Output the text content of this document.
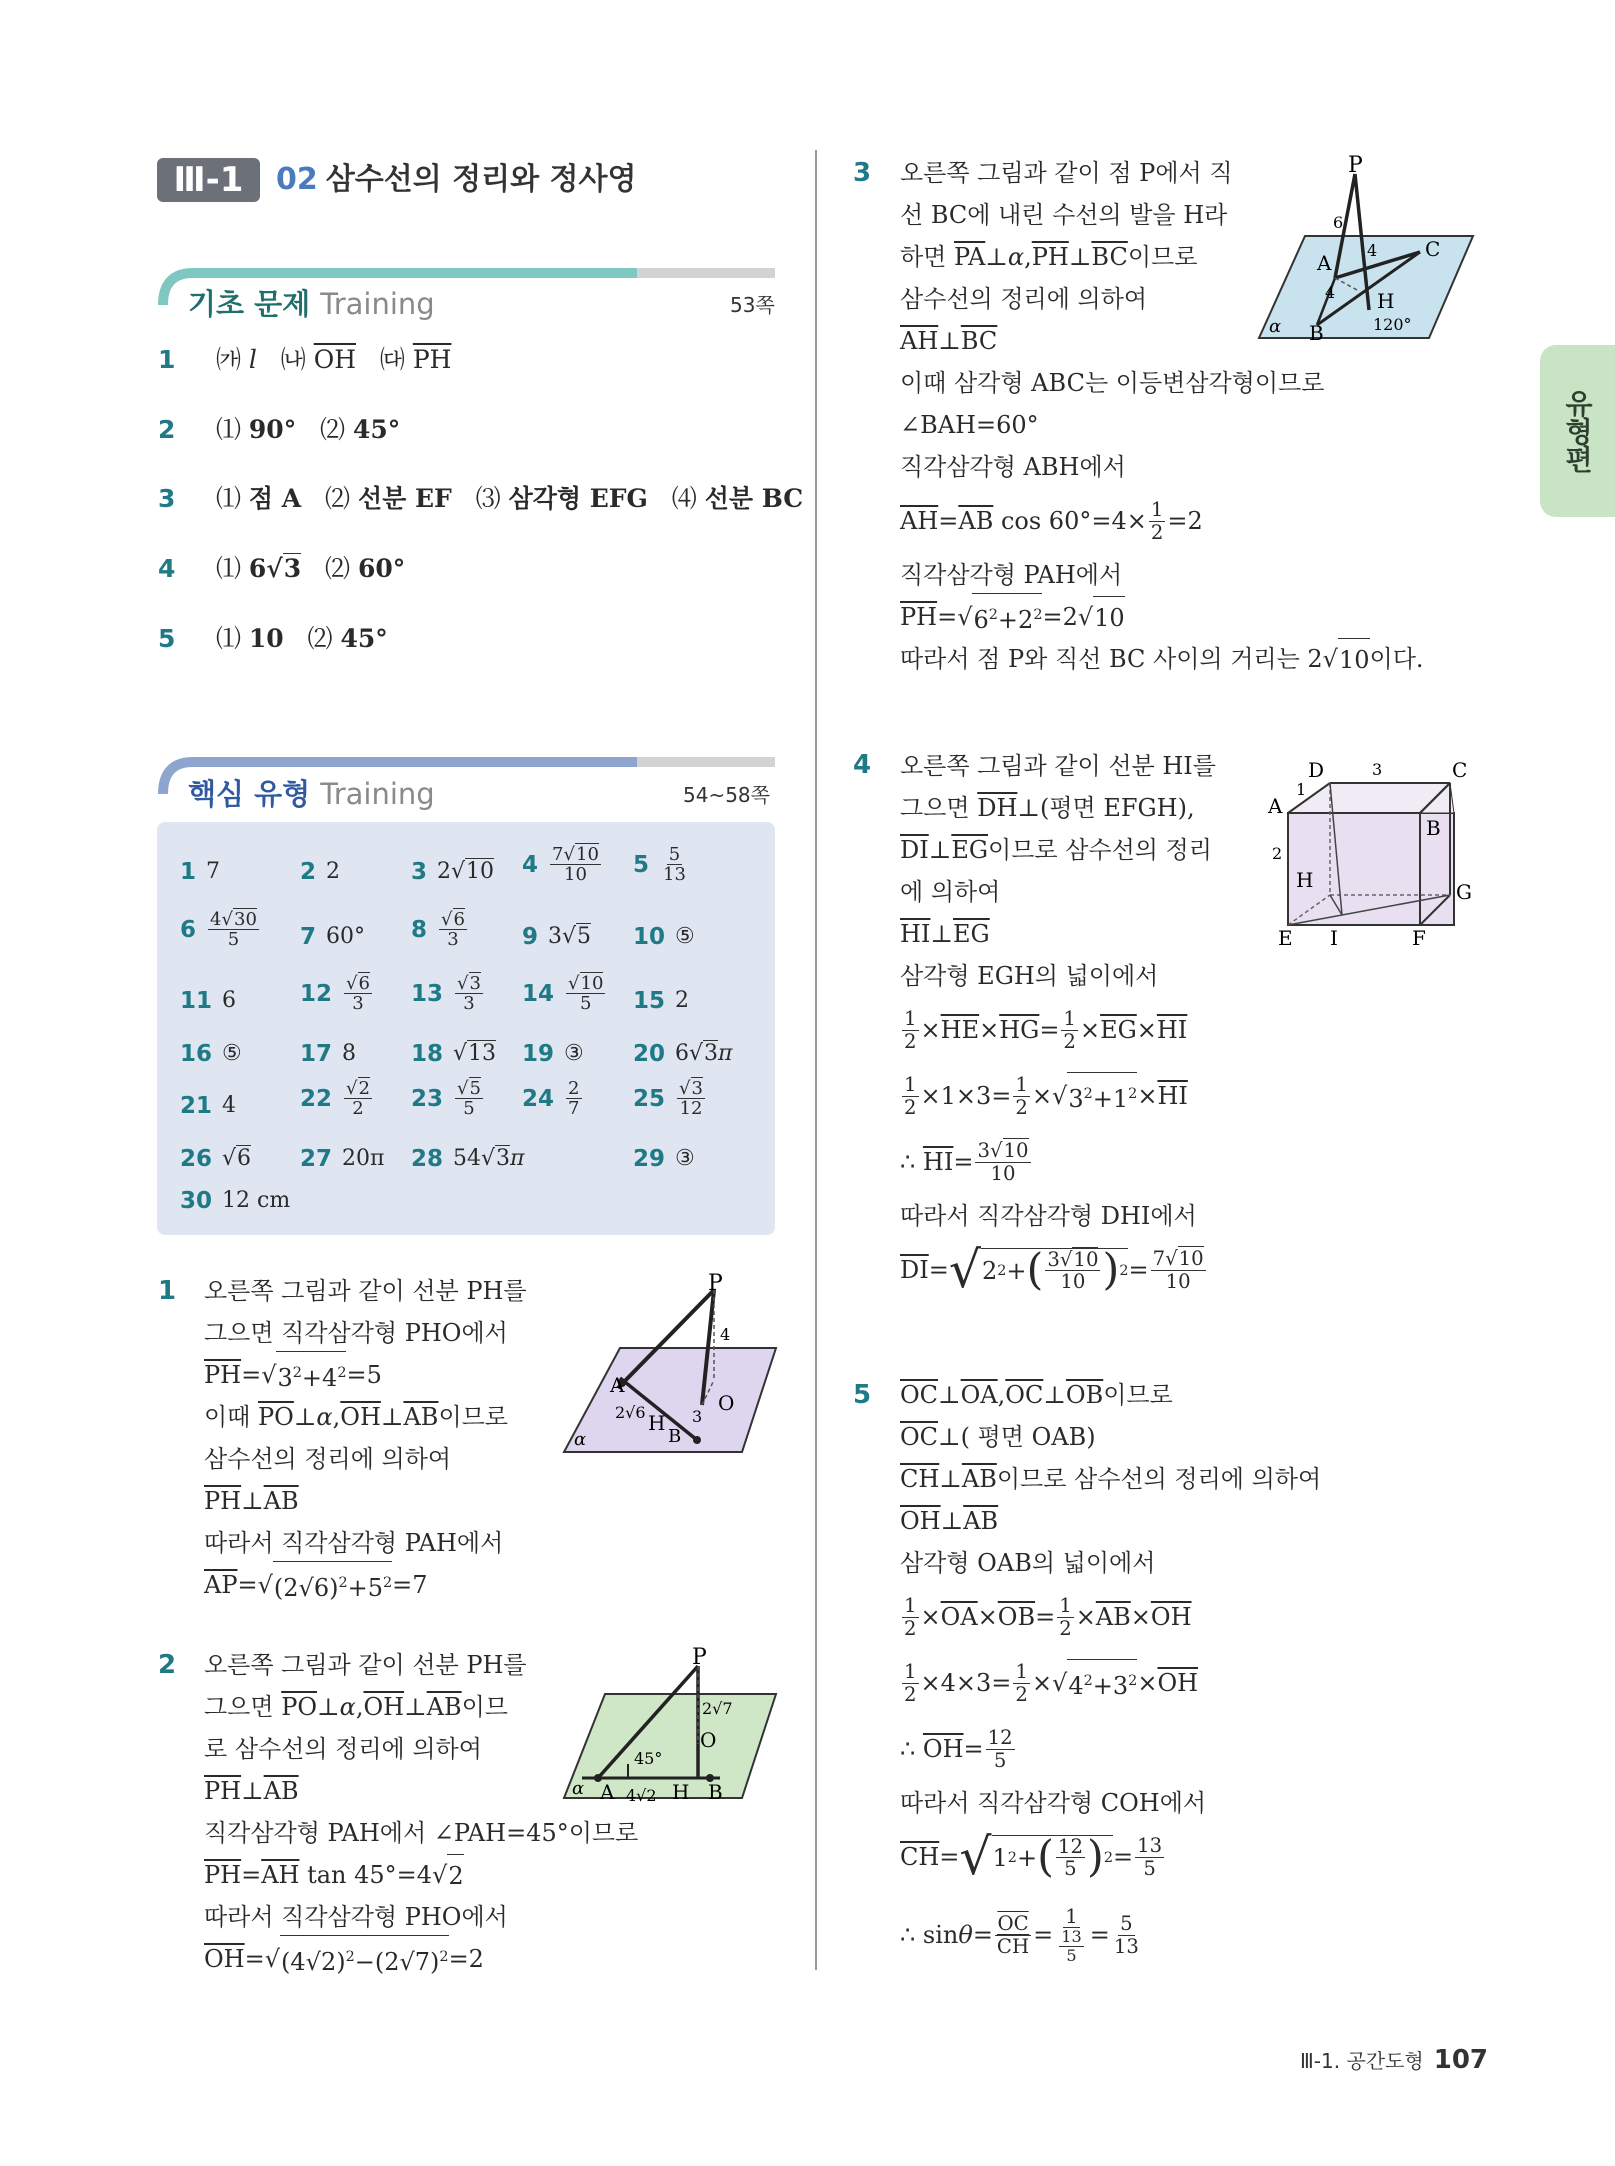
Ⅲ-1	02 삼수선의 정리와 정사영
유형편
기초 문제 Training	53쪽
1 ㈎ l   ㈏ $\overline{OH}$   ㈐ $\overline{PH}$
2 ⑴ 90°   ⑵ 45°
3 ⑴ 점 A   ⑵ 선분 EF   ⑶ 삼각형 EFG   ⑷ 선분 BC
4 ⑴ 6√3   ⑵ 60°
5 ⑴ 10   ⑵ 45°
핵심 유형 Training	54~58쪽
1 7	2 2	3 2√10 $4 \frac{7√10}{10} 5 \frac{5}{13}$
$6 \frac{4√30}{5} 7$ 60° $8 \frac{√6}{3} 9$ 3√5 10 ⑤
11 6	$12 \frac{√6}{3} 13 \frac{√3}{3} 14 \frac{√10}{5} 15$ 2
16 ⑤	17 8 18 √13 19 ③ 20 6√3π
21 4	$22 \frac{√2}{2} 23 \frac{√5}{5} 24 \frac{2}{7} 25 \frac{√3}{12}$
26 √6 27 20π 28 54√3π	29 ③
30 12 cm
1 오른쪽 그림과 같이 선분 PH를
그으면 직각삼각형 PHO에서
$\overline{PH}$ =√ $3^2+4^2 =5$
이때
$\overline{PO}$ ⊥ α , $\overline{OH}$ ⊥ $\overline{AB}$ 이므로
삼수선의 정리에 의하여
$\overline{PH}$ ⊥ $\overline{AB}$
따라서 직각삼각형 PAH에서
$\overline{AP}$ =√ $(2√6)^2+5^2 =7$
P
4
A
2√6	3
O
H
B
α
2 오른쪽 그림과 같이 선분 PH를
그으면
$\overline{PO}$ ⊥ α , $\overline{OH}$ ⊥ $\overline{AB}$ 이므
로 삼수선의 정리에 의하여
$\overline{PH}$ ⊥ $\overline{AB}$
직각삼각형 PAH에서 ∠PAH=45°이므로
$\overline{PH} = \overline{AH}$ tan 45°=4√ 2
따라서 직각삼각형 PHO에서
$\overline{OH}$ =√ $(4√2)^2-(2√7)^2 =2$
P
2√7
O
45°
A 4√2 H B
α
3 오른쪽 그림과 같이 점 P에서 직
선 BC에 내린 수선의 발을 H라
하면
$\overline{PA}$ ⊥ α , $\overline{PH}$ ⊥ $\overline{BC}$ 이므로
삼수선의 정리에 의하여
$\overline{AH}$ ⊥ $\overline{BC}$
이때 삼각형 ABC는 이등변삼각형이므로
∠BAH=60°
직각삼각형 ABH에서
$\overline{AH} = \overline{AB}$ $\cos 60^\circ=4\times \frac{1}{2} =2$
직각삼각형 PAH에서
$\overline{PH}$ =√ $6^2+2^2 =2√$ 10
따라서 점 P와 직선 BC 사이의 거리는 2√ 10 이다.
P
6
A
4 C
4 H
120°
B
α
4 오른쪽 그림과 같이 선분 HI를
그으면
$\overline{DH}$ ⊥ (평면 EFGH),
$\overline{DI}$ ⊥ $\overline{EG}$ 이므로 삼수선의 정리
에 의하여
$\overline{HI}$ ⊥ $\overline{EG}$
삼각형 EGH의 넓이에서
$\frac{1}{2} \times \overline{HE} \times \overline{HG} = \frac{1}{2} \times \overline{EG} \times \overline{HI}$
$\frac{1}{2} \times 1\times 3= \frac{1}{2}$ ×√ $3^2+1^2 \times \overline{HI}$
∴ $\overline{HI} = \frac{3√10}{10}$
따라서 직각삼각형 DHI에서
$\overline{DI}$ = √ 2 2 + ( $\frac{3√10}{10}$ ) $2 = \frac{7√10}{10}$
D	3	C
A
1
B
2
H	G
E I	F
5 $\overline{OC}$ ⊥ $\overline{OA}$ , $\overline{OC}$ ⊥ $\overline{OB}$ 이므로
$\overline{OC}$ ⊥ ( 평면 OAB)
$\overline{CH}$ ⊥ $\overline{AB}$ 이므로 삼수선의 정리에 의하여
$\overline{OH}$ ⊥ $\overline{AB}$
삼각형 OAB의 넓이에서
$\frac{1}{2} \times \overline{OA} \times \overline{OB} = \frac{1}{2} \times \overline{AB} \times \overline{OH}$
$\frac{1}{2} \times 4\times 3= \frac{1}{2}$ ×√ $4^2+3^2 \times \overline{OH}$
∴ $\overline{OH} = \frac{12}{5}$
따라서 직각삼각형 COH에서
$\overline{CH}$ = √ 1 2 + ( $\frac{12}{5}$ ) $2 = \frac{13}{5}$
∴ $\sin \theta = \frac{\overline{OC}}{CH} = \frac{1}{\frac{13}{5}} = \frac{5}{13}$
Ⅲ-1. 공간도형 107
